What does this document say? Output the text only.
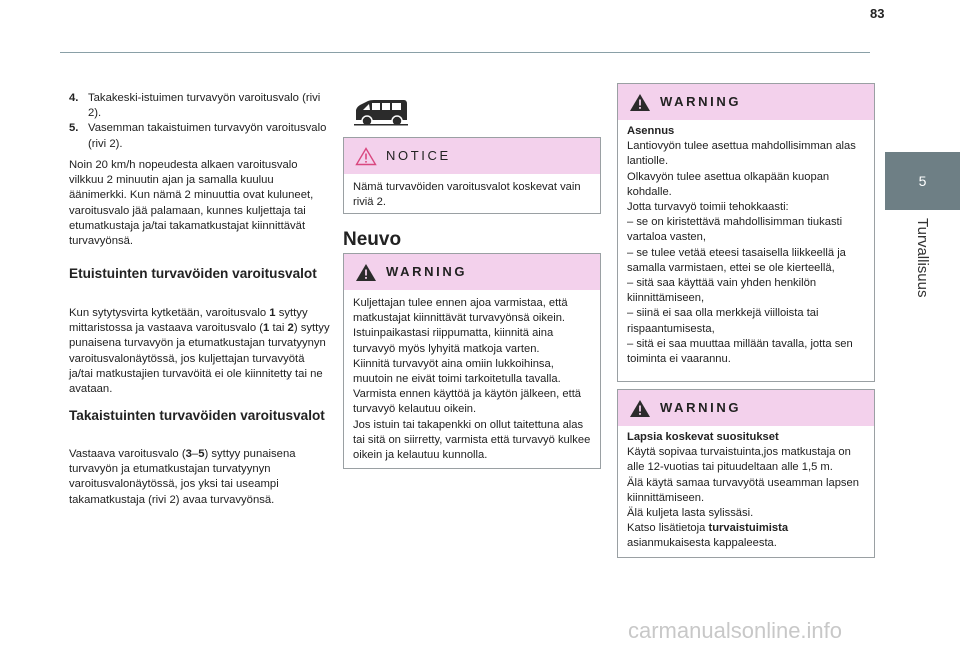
83
5
Turvallisuus
4. Takakeski-istuimen turvavyön varoitusvalo (rivi 2).
5. Vasemman takaistuimen turvavyön varoitusvalo (rivi 2).
Noin 20 km/h nopeudesta alkaen varoitusvalo vilkkuu 2 minuutin ajan ja samalla kuuluu äänimerkki. Kun nämä 2 minuuttia ovat kuluneet, varoitusvalo jää palamaan, kunnes kuljettaja tai etumatkustaja ja/tai takamatkustajat kiinnittävät turvavyönsä.
Etuistuinten turvavöiden varoitusvalot
Kun sytytysvirta kytketään, varoitusvalo 1 syttyy mittaristossa ja vastaava varoitusvalo (1 tai 2) syttyy punaisena turvavyön ja etumatkustajan turvatyynyn varoitusvalonäytössä, jos kuljettajan turvavyötä ja/tai matkustajien turvavöitä ei ole kiinnitetty tai ne avataan.
Takaistuinten turvavöiden varoitusvalot
Vastaava varoitusvalo (3–5) syttyy punaisena turvavyön ja etumatkustajan turvatyynyn varoitusvalonäytössä, jos yksi tai useampi takamatkustaja (rivi 2) avaa turvavyönsä.
NOTICE

Nämä turvavöiden varoitusvalot koskevat vain riviä 2.

Neuvo
WARNING

Kuljettajan tulee ennen ajoa varmistaa, että matkustajat kiinnittävät turvavyönsä oikein.

Istuinpaikastasi riippumatta, kiinnitä aina turvavyö myös lyhyitä matkoja varten.

Kiinnitä turvavyöt aina omiin lukkoihinsa, muutoin ne eivät toimi tarkoitetulla tavalla.

Varmista ennen käyttöä ja käytön jälkeen, että turvavyö kelautuu oikein.

Jos istuin tai takapenkki on ollut taitettuna alas tai sitä on siirretty, varmista että turvavyö kulkee oikein ja kelautuu kunnolla.

WARNING

Asennus

Lantiovyön tulee asettua mahdollisimman alas lantiolle.

Olkavyön tulee asettua olkapään kuopan kohdalle.

Jotta turvavyö toimii tehokkaasti:

– se on kiristettävä mahdollisimman tiukasti vartaloa vasten,

– se tulee vetää eteesi tasaisella liikkeellä ja samalla varmistaen, ettei se ole kierteellä,

– sitä saa käyttää vain yhden henkilön kiinnittämiseen,

– siinä ei saa olla merkkejä viilloista tai rispaantumisesta,

– sitä ei saa muuttaa millään tavalla, jotta sen toiminta ei vaarannu.

WARNING

Lapsia koskevat suositukset

Käytä sopivaa turvaistuinta,jos matkustaja on alle 12-vuotias tai pituudeltaan alle 1,5 m.

Älä käytä samaa turvavyötä useamman lapsen kiinnittämiseen.

Älä kuljeta lasta sylissäsi.

Katso lisätietoja turvaistuimista asianmukaisesta kappaleesta.

carmanualsonline.info
